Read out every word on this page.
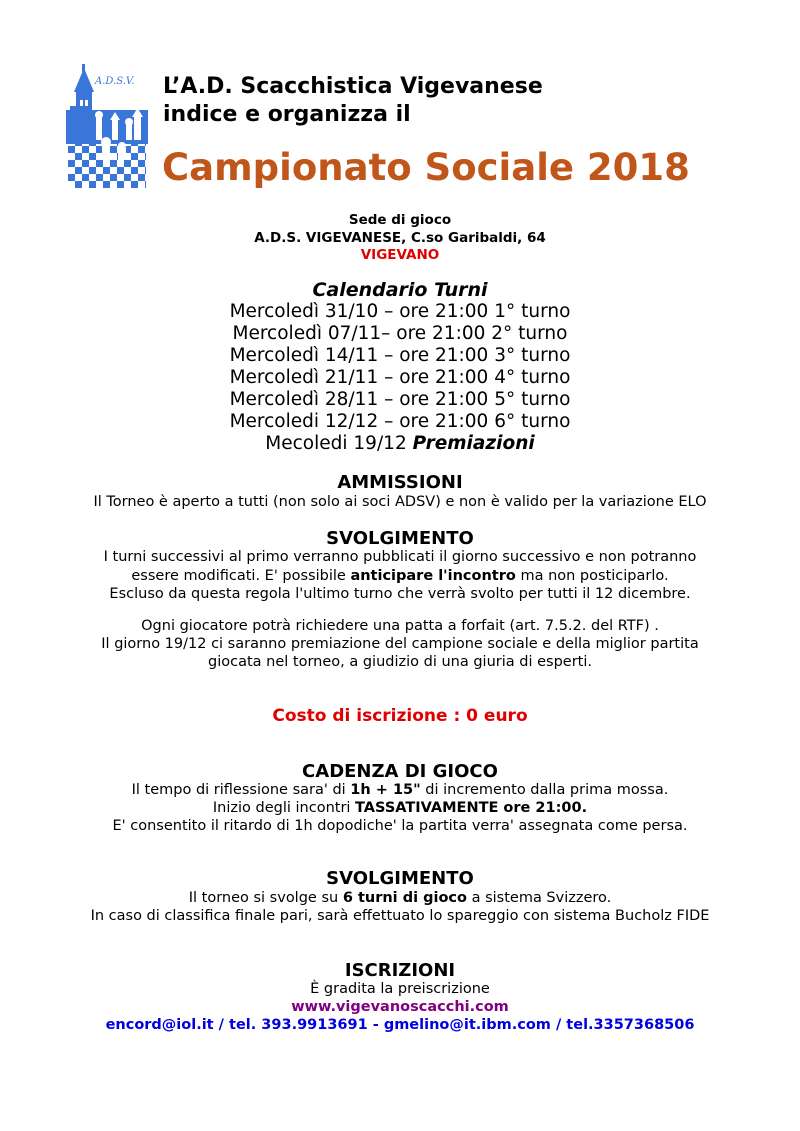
A.D.S.V. L’A.D. Scacchistica Vigevanese
indice e organizza il
Campionato Sociale 2018
Sede di gioco
A.D.S. VIGEVANESE, C.so Garibaldi, 64
VIGEVANO
Calendario Turni
Mercoledì 31/10 – ore 21:00 1° turno
Mercoledì 07/11– ore 21:00 2° turno
Mercoledì 14/11 – ore 21:00 3° turno
Mercoledì 21/11 – ore 21:00 4° turno
Mercoledì 28/11 – ore 21:00 5° turno
Mercoledi 12/12 – ore 21:00 6° turno
Mecoledi 19/12 Premiazioni
AMMISSIONI
Il Torneo è aperto a tutti (non solo ai soci ADSV) e non è valido per la variazione ELO
SVOLGIMENTO
I turni successivi al primo verranno pubblicati il giorno successivo e non potranno
essere modificati. E' possibile anticipare l'incontro ma non posticiparlo.
Escluso da questa regola l'ultimo turno che verrà svolto per tutti il 12 dicembre.
Ogni giocatore potrà richiedere una patta a forfait (art. 7.5.2. del RTF) .
Il giorno 19/12 ci saranno premiazione del campione sociale e della miglior partita
giocata nel torneo, a giudizio di una giuria di esperti.
Costo di iscrizione : 0 euro
CADENZA DI GIOCO
Il tempo di riflessione sara' di 1h + 15" di incremento dalla prima mossa.
Inizio degli incontri TASSATIVAMENTE ore 21:00.
E' consentito il ritardo di 1h dopodiche' la partita verra' assegnata come persa.
SVOLGIMENTO
Il torneo si svolge su 6 turni di gioco a sistema Svizzero.
In caso di classifica finale pari, sarà effettuato lo spareggio con sistema Bucholz FIDE
ISCRIZIONI
È gradita la preiscrizione
www.vigevanoscacchi.com
encord@iol.it / tel. 393.9913691 - gmelino@it.ibm.com / tel.3357368506
